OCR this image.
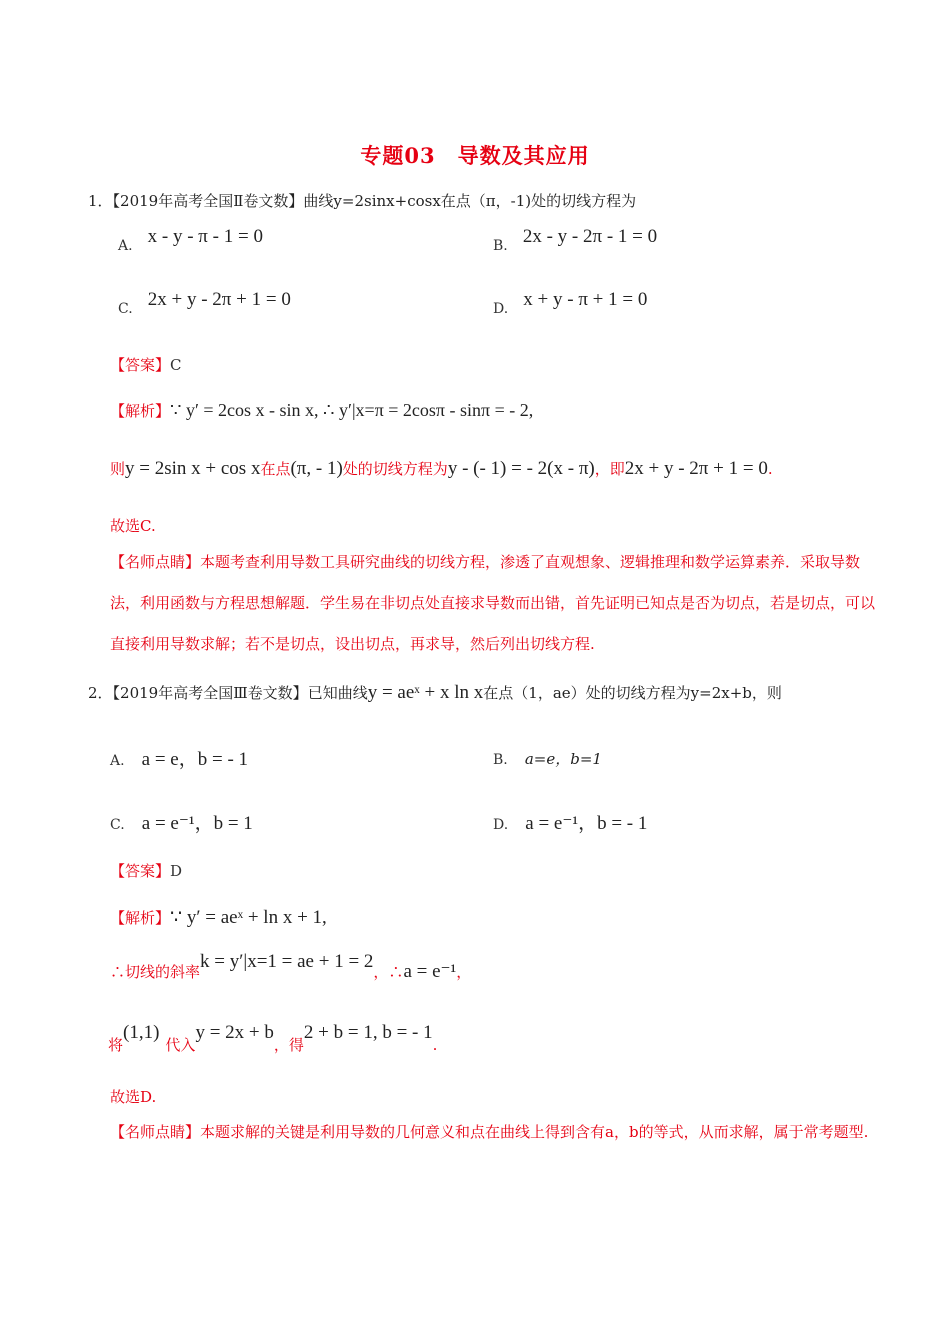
专题03　导数及其应用
1．【2019年高考全国Ⅱ卷文数】曲线y=2sinx+cosx在点（π，-1)处的切线方程为
A. x - y - π - 1 = 0	B. 2x - y - 2π - 1 = 0
C. 2x + y - 2π + 1 = 0	D. x + y - π + 1 = 0
【答案】C
【解析】∵ y′ = 2cos x - sin x, ∴ y′|x=π = 2cosπ - sinπ = - 2,
则y = 2sin x + cos x在点(π, - 1)处的切线方程为y - (- 1) = - 2(x - π)，即2x + y - 2π + 1 = 0.
故选C.
【名师点睛】本题考查利用导数工具研究曲线的切线方程，渗透了直观想象、逻辑推理和数学运算素养．采取导数法，利用函数与方程思想解题．学生易在非切点处直接求导数而出错，首先证明已知点是否为切点，若是切点，可以直接利用导数求解；若不是切点，设出切点，再求导，然后列出切线方程.
2．【2019年高考全国Ⅲ卷文数】已知曲线y = aeˣ + x ln x在点（1，ae）处的切线方程为y=2x+b，则
A. a = e，b = - 1	B. a=e，b=1
C. a = e⁻¹，b = 1	D. a = e⁻¹，b = - 1
【答案】D
【解析】∵ y′ = aeˣ + ln x + 1,
∴切线的斜率k = y′|x=1 = ae + 1 = 2，∴a = e⁻¹，
将(1,1)代入y = 2x + b，得2 + b = 1, b = - 1.
故选D.
【名师点睛】本题求解的关键是利用导数的几何意义和点在曲线上得到含有a，b的等式，从而求解，属于常考题型.
